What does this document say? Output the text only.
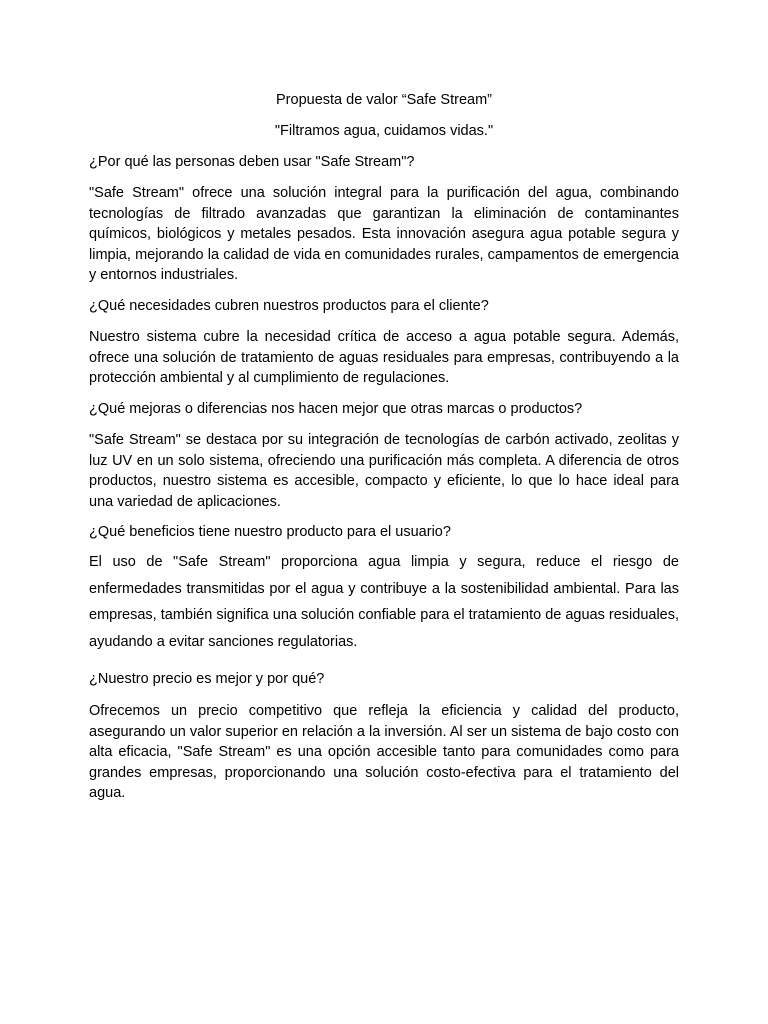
Propuesta de valor “Safe Stream”

"Filtramos agua, cuidamos vidas."

¿Por qué las personas deben usar "Safe Stream"?

"Safe Stream" ofrece una solución integral para la purificación del agua, combinando tecnologías de filtrado avanzadas que garantizan la eliminación de contaminantes químicos, biológicos y metales pesados. Esta innovación asegura agua potable segura y limpia, mejorando la calidad de vida en comunidades rurales, campamentos de emergencia y entornos industriales.

¿Qué necesidades cubren nuestros productos para el cliente?

Nuestro sistema cubre la necesidad crítica de acceso a agua potable segura. Además, ofrece una solución de tratamiento de aguas residuales para empresas, contribuyendo a la protección ambiental y al cumplimiento de regulaciones.

¿Qué mejoras o diferencias nos hacen mejor que otras marcas o productos?

"Safe Stream" se destaca por su integración de tecnologías de carbón activado, zeolitas y luz UV en un solo sistema, ofreciendo una purificación más completa. A diferencia de otros productos, nuestro sistema es accesible, compacto y eficiente, lo que lo hace ideal para una variedad de aplicaciones.

¿Qué beneficios tiene nuestro producto para el usuario?

El uso de "Safe Stream" proporciona agua limpia y segura, reduce el riesgo de enfermedades transmitidas por el agua y contribuye a la sostenibilidad ambiental. Para las empresas, también significa una solución confiable para el tratamiento de aguas residuales, ayudando a evitar sanciones regulatorias.

¿Nuestro precio es mejor y por qué?

Ofrecemos un precio competitivo que refleja la eficiencia y calidad del producto, asegurando un valor superior en relación a la inversión. Al ser un sistema de bajo costo con alta eficacia, "Safe Stream" es una opción accesible tanto para comunidades como para grandes empresas, proporcionando una solución costo-efectiva para el tratamiento del agua.
